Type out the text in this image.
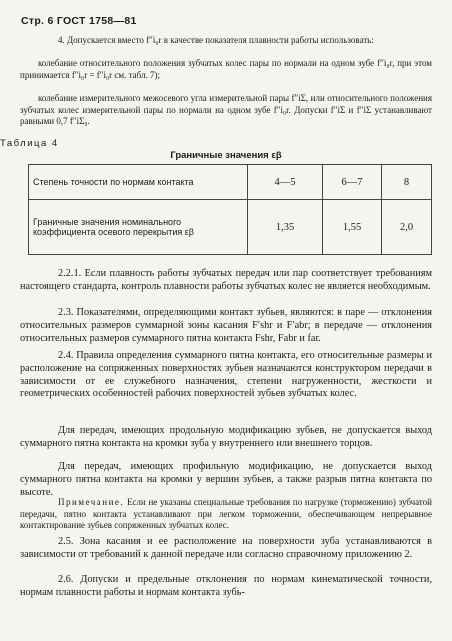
Стр. 6 ГОСТ 1758—81
4. Допускается вместо f″i₀r в качестве показателя плавности работы использовать:
колебание относительного положения зубчатых колес пары по нормали на одном зубе f″i₀r, при этом принимается f″i₀r = f″i₀r см. табл. 7);
колебание измерительного межосевого угла измерительной пары f″iΣ, или относительного положения зубчатых колес измерительной пары по нормали на одном зубе f″i₀r. Допуски f″iΣ и f″iΣ устанавливают равными 0,7 f″iΣ₀.
Таблица 4
Граничные значения εβ
Степень точности по нормам контакта	4—5	6—7	8
Граничные значения номинального коэффициента осевого перекрытия εβ	1,35	1,55	2,0
2.2.1. Если плавность работы зубчатых передач или пар соответствует требованиям настоящего стандарта, контроль плавности работы зубчатых колес не является необходимым.
2.3. Показателями, определяющими контакт зубьев, являются: в паре — отклонения относительных размеров суммарной зоны касания F′shr и F′abr; в передаче — отклонения относительных размеров суммарного пятна контакта Fshr, Fabr и far.
2.4. Правила определения суммарного пятна контакта, его относительные размеры и расположение на сопряженных поверхностях зубьев назначаются конструктором передачи в зависимости от ее служебного назначения, степени нагруженности, жесткости и геометрических особенностей рабочих поверхностей зубьев зубчатых колес.
Для передач, имеющих продольную модификацию зубьев, не допускается выход суммарного пятна контакта на кромки зуба у внутреннего или внешнего торцов.
Для передач, имеющих профильную модификацию, не допускается выход суммарного пятна контакта на кромки у вершин зубьев, а также разрыв пятна контакта по высоте.
Примечание. Если не указаны специальные требования по нагрузке (торможению) зубчатой передачи, пятно контакта устанавливают при легком торможении, обеспечивающем непрерывное контактирование зубьев сопряженных зубчатых колес.
2.5. Зона касания и ее расположение на поверхности зуба устанавливаются в зависимости от требований к данной передаче или согласно справочному приложению 2.
2.6. Допуски и предельные отклонения по нормам кинематической точности, нормам плавности работы и нормам контакта зубь-
